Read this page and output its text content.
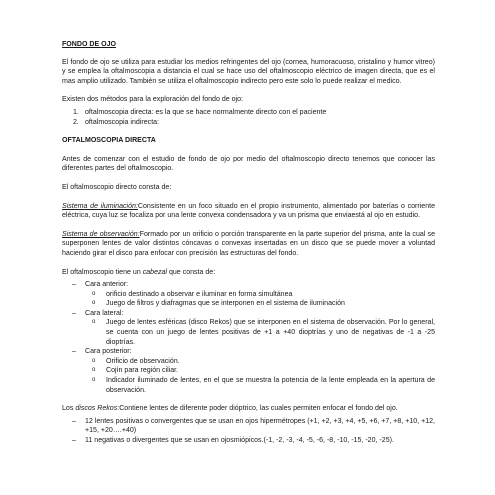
FONDO DE OJO

El fondo de ojo se utiliza para estudiar los medios refringentes del ojo (cornea, humoracuoso, cristalino y humor vitreo) y se emplea la oftalmoscopia a distancia el cual se hace uso del oftalmoscopio eléctrico de imagen directa, que es el mas amplio utilizado. También se utiliza el oftalmoscopio indirecto pero este solo lo puede realizar el medico.

Existen dos métodos para la exploración del fondo de ojo:

1. oftalmoscopia directa: es la que se hace normalmente directo con el paciente
2. oftalmoscopia indirecta:
OFTALMOSCOPIA DIRECTA

Antes de comenzar con el estudio de fondo de ojo por medio del oftalmoscopio directo tenemos que conocer las diferentes partes del oftalmoscopio.

El oftalmoscopio directo consta de:

Sistema de iluminación:Consistente en un foco situado en el propio instrumento, alimentado por baterías o corriente eléctrica, cuya luz se focaliza por una lente convexa condensadora y va un prisma que enviaestá al ojo en estudio.

Sistema de observación:Formado por un orificio o porción transparente en la parte superior del prisma, ante la cual se superponen lentes de valor distintos cóncavas o convexas insertadas en un disco que se puede mover a voluntad haciendo girar el disco para enfocar con precisión las estructuras del fondo.

El oftalmoscopio tiene un cabezal que consta de:

– Cara anterior:
o orificio destinado a observar e iluminar en forma simultánea
o Juego de filtros y diafragmas que se interponen en el sistema de iluminación
– Cara lateral:
o Juego de lentes esféricas (disco Rekos) que se interponen en el sistema de observación. Por lo general, se cuenta con un juego de lentes positivas de +1 a +40 dioptrías y uno de negativas de -1 a -25 dioptrías.
– Cara posterior:
o Orificio de observación.
o Cojín para región ciliar.
o Indicador iluminado de lentes, en el que se muestra la potencia de la lente empleada en la apertura de observación.

Los discos Rekos:Contiene lentes de diferente poder dióptrico, las cuales permiten enfocar el fondo del ojo.

– 12 lentes positivas o convergentes que se usan en ojos hipermétropes (+1, +2, +3, +4, +5, +6, +7, +8, +10, +12, +15, +20….+40)
– 11 negativas o divergentes que se usan en ojosmiópicos.(-1, -2, -3, -4, -5, -6, -8, -10, -15, -20, -25).
